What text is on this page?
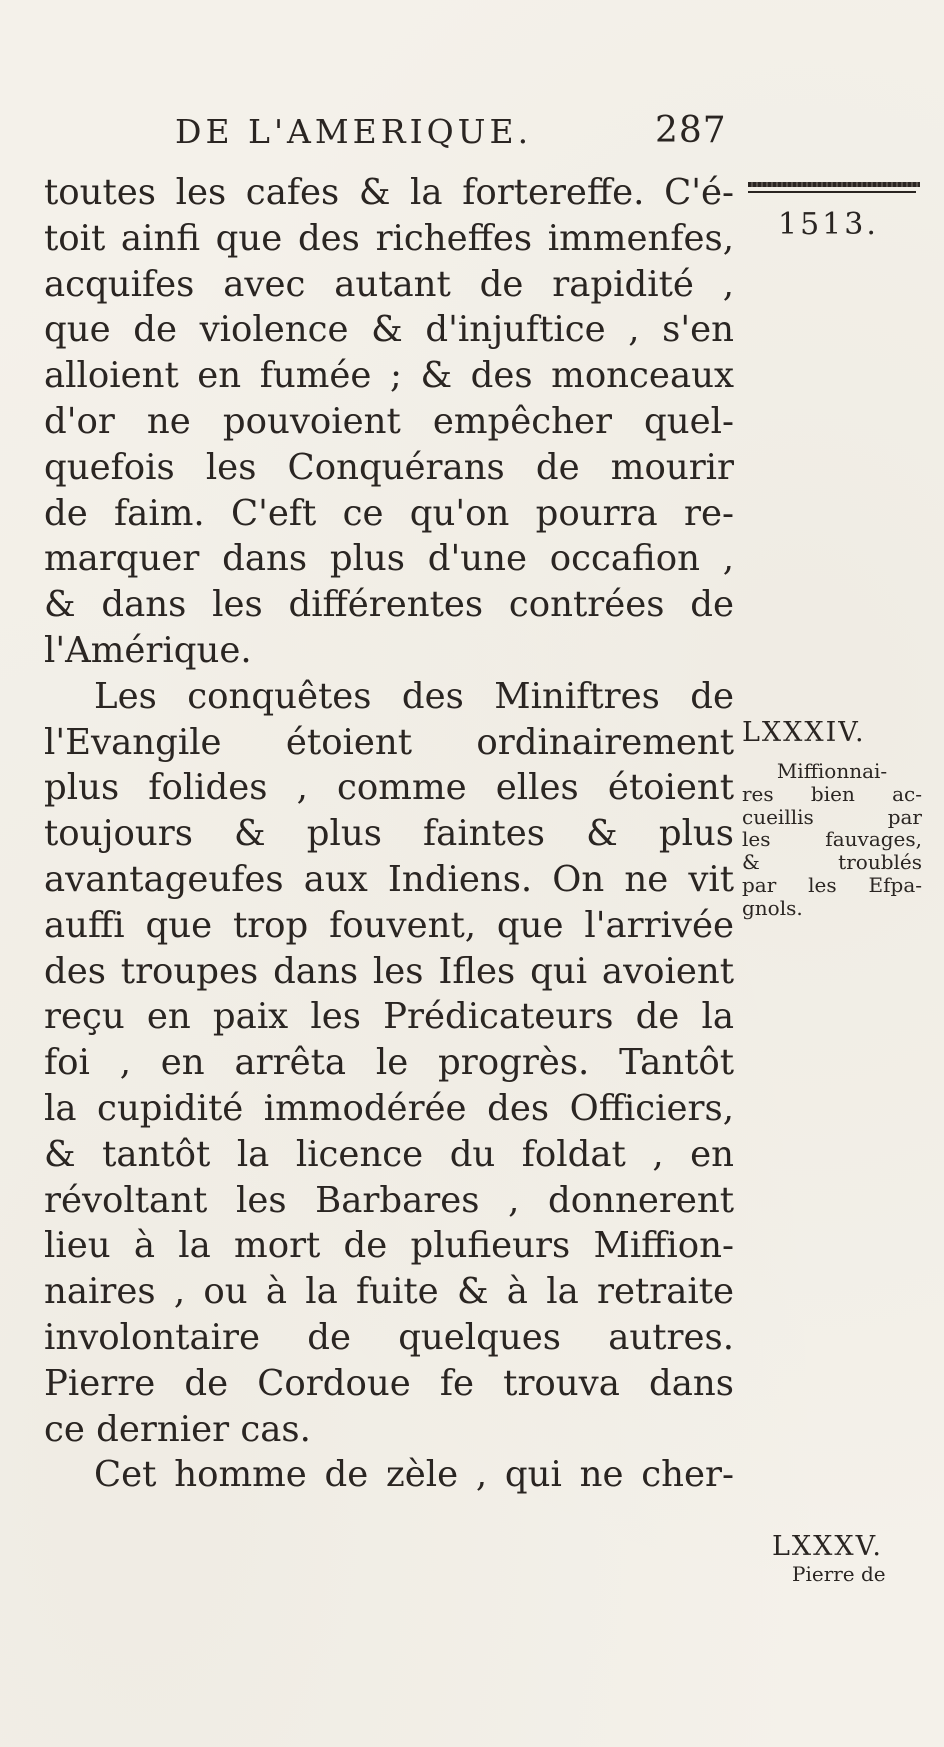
DE L'AMERIQUE.	287
1513.
toutes les cafes & la fortereffe. C'é-
toit ainfi que des richeffes immenfes,
acquifes avec autant de rapidité ,
que de violence & d'injuftice , s'en
alloient en fumée ; & des monceaux
d'or ne pouvoient empêcher quel-
quefois les Conquérans de mourir
de faim. C'eft ce qu'on pourra re-
marquer dans plus d'une occafion ,
& dans les différentes contrées de
l'Amérique.
Les conquêtes des Miniftres de
l'Evangile étoient ordinairement
plus folides , comme elles étoient
toujours & plus faintes & plus
avantageufes aux Indiens. On ne vit
auffi que trop fouvent, que l'arrivée
des troupes dans les Ifles qui avoient
reçu en paix les Prédicateurs de la
foi , en arrêta le progrès. Tantôt
la cupidité immodérée des Officiers,
& tantôt la licence du foldat , en
révoltant les Barbares , donnerent
lieu à la mort de plufieurs Miffion-
naires , ou à la fuite & à la retraite
involontaire de quelques autres.
Pierre de Cordoue fe trouva dans
ce dernier cas.
Cet homme de zèle , qui ne cher-
LXXXIV.
Miffionnai-
res bien ac-
cueillis par
les fauvages,
& troublés
par les Efpa-
gnols.
LXXXV.
Pierre de
